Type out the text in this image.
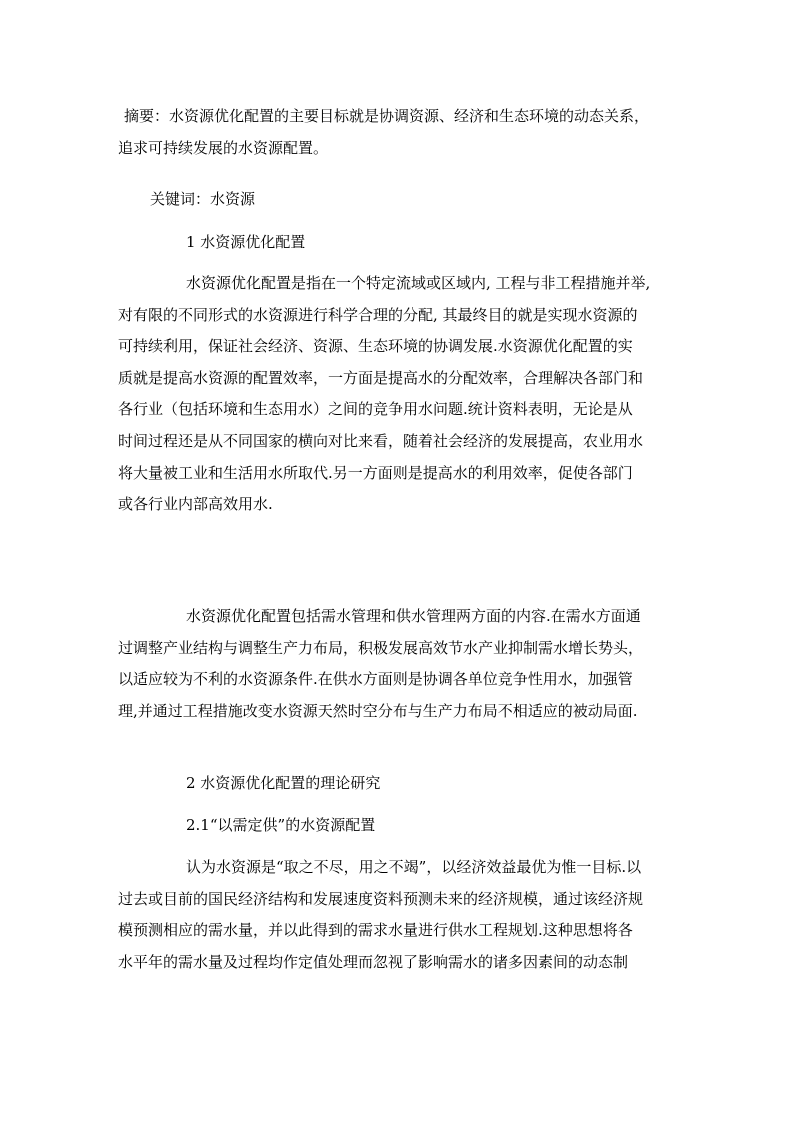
摘要：水资源优化配置的主要目标就是协调资源、经济和生态环境的动态关系，
追求可持续发展的水资源配置。
关键词：水资源
1 水资源优化配置
水资源优化配置是指在一个特定流域或区域内, 工程与非工程措施并举,
对有限的不同形式的水资源进行科学合理的分配, 其最终目的就是实现水资源的
可持续利用，保证社会经济、资源、生态环境的协调发展.水资源优化配置的实
质就是提高水资源的配置效率，一方面是提高水的分配效率，合理解决各部门和
各行业（包括环境和生态用水）之间的竞争用水问题.统计资料表明，无论是从
时间过程还是从不同国家的横向对比来看，随着社会经济的发展提高，农业用水
将大量被工业和生活用水所取代.另一方面则是提高水的利用效率，促使各部门
或各行业内部高效用水.
水资源优化配置包括需水管理和供水管理两方面的内容.在需水方面通
过调整产业结构与调整生产力布局，积极发展高效节水产业抑制需水增长势头，
以适应较为不利的水资源条件.在供水方面则是协调各单位竞争性用水，加强管
理,并通过工程措施改变水资源天然时空分布与生产力布局不相适应的被动局面.
2 水资源优化配置的理论研究
2.1“以需定供”的水资源配置
认为水资源是“取之不尽，用之不竭”，以经济效益最优为惟一目标.以
过去或目前的国民经济结构和发展速度资料预测未来的经济规模，通过该经济规
模预测相应的需水量，并以此得到的需求水量进行供水工程规划.这种思想将各
水平年的需水量及过程均作定值处理而忽视了影响需水的诸多因素间的动态制
